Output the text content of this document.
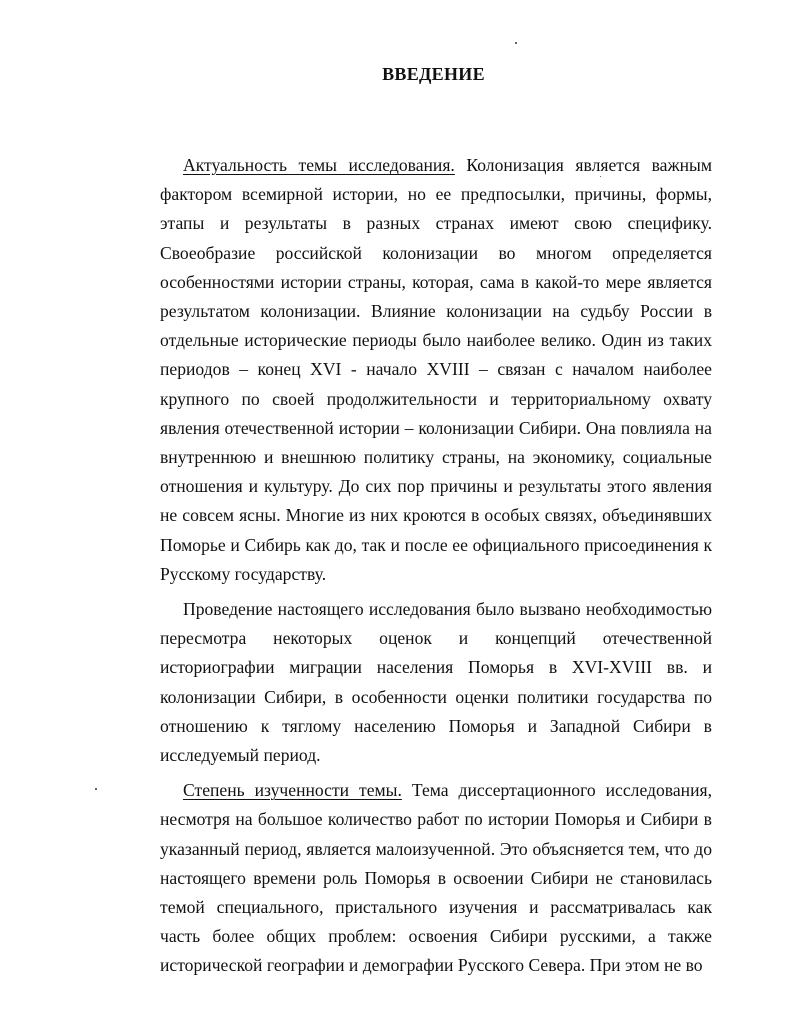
ВВЕДЕНИЕ

Актуальность темы исследования. Колонизация является важным фактором всемирной истории, но ее предпосылки, причины, формы, этапы и результаты в разных странах имеют свою специфику. Своеобразие российской колонизации во многом определяется особенностями истории страны, которая, сама в какой-то мере является результатом колонизации. Влияние колонизации на судьбу России в отдельные исторические периоды было наиболее велико. Один из таких периодов – конец XVI - начало XVIII – связан с началом наиболее крупного по своей продолжительности и территориальному охвату явления отечественной истории – колонизации Сибири. Она повлияла на внутреннюю и внешнюю политику страны, на экономику, социальные отношения и культуру. До сих пор причины и результаты этого явления не совсем ясны. Многие из них кроются в особых связях, объединявших Поморье и Сибирь как до, так и после ее официального присоединения к Русскому государству.

Проведение настоящего исследования было вызвано необходимостью пересмотра некоторых оценок и концепций отечественной историографии миграции населения Поморья в XVI-XVIII вв. и колонизации Сибири, в особенности оценки политики государства по отношению к тяглому населению Поморья и Западной Сибири в исследуемый период.

Степень изученности темы. Тема диссертационного исследования, несмотря на большое количество работ по истории Поморья и Сибири в указанный период, является малоизученной. Это объясняется тем, что до настоящего времени роль Поморья в освоении Сибири не становилась темой специального, пристального изучения и рассматривалась как часть более общих проблем: освоения Сибири русскими, а также исторической географии и демографии Русского Севера. При этом не во
